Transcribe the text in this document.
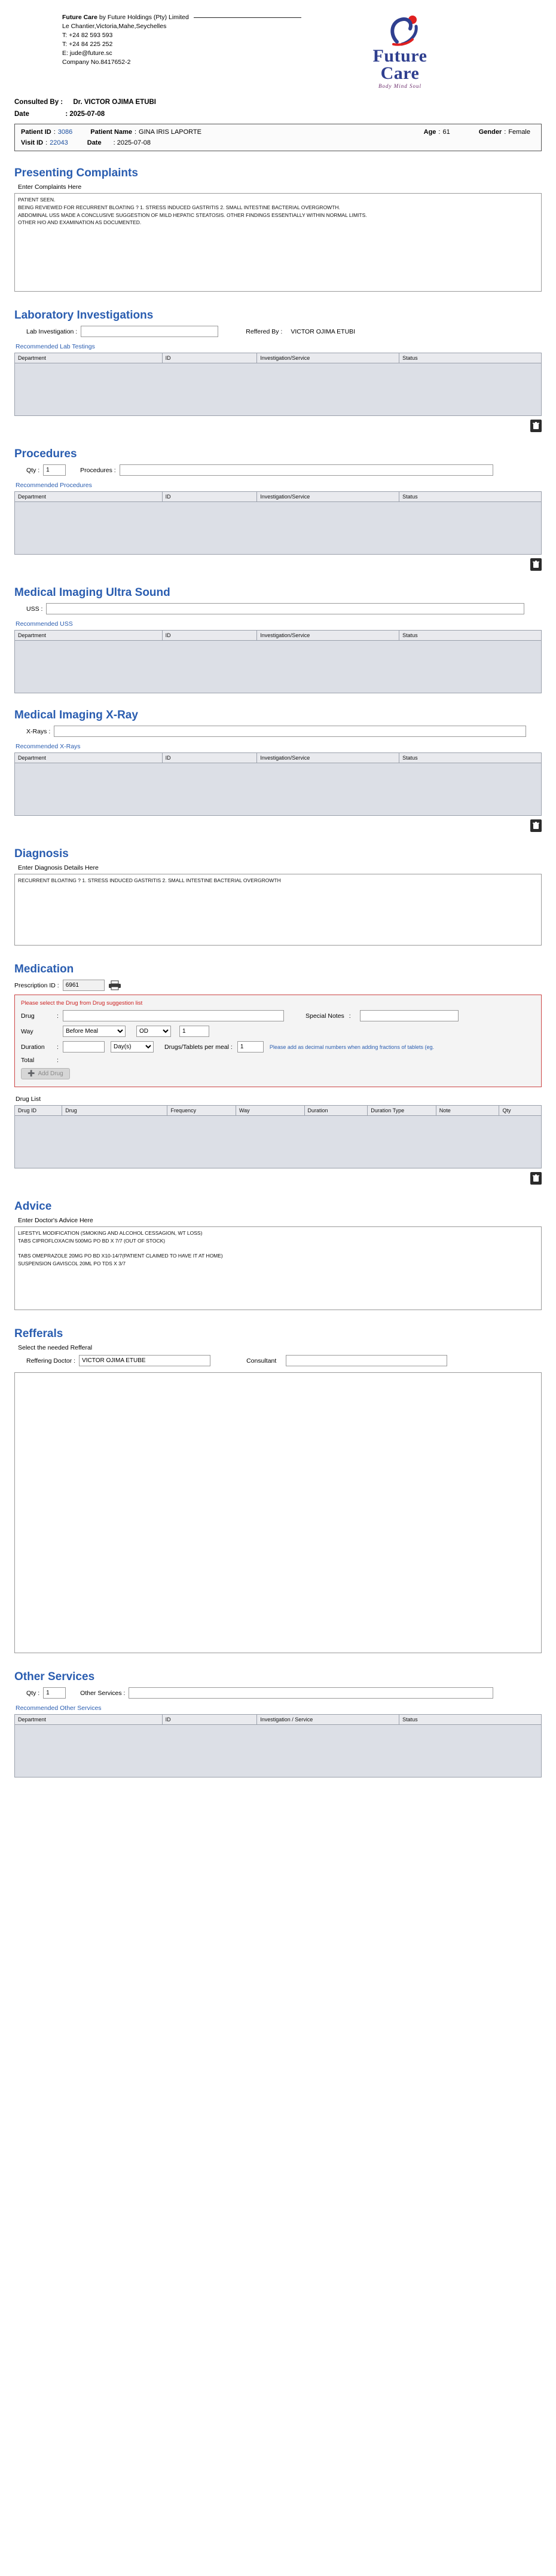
Future Care by Future Holdings (Pty) Limited
Le Chantier,Victoria,Mahe,Seychelles
T: +24 82 593 593
T: +24 84 225 252
E: jude@future.sc
Company No.8417652-2	Future
Care
Body Mind Soul
Consulted By : Dr. VICTOR OJIMA ETUBI
Date	: 2025-07-08
Patient ID : 3086	Patient Name : GINA IRIS LAPORTE	Age : 61	Gender : Female
Visit ID : 22043	Date : 2025-07-08
Presenting Complaints
Enter Complaints Here
PATIENT SEEN. BEING REVIEWED FOR RECURRENT BLOATING ? 1. STRESS INDUCED GASTRITIS 2. SMALL INTESTINE BACTERIAL OVERGROWTH. ABDOMINAL USS MADE A CONCLUSIVE SUGGESTION OF MILD HEPATIC STEATOSIS. OTHER FINDINGS ESSENTIALLY WITHIN NORMAL LIMITS. OTHER H/O AND EXAMINATION AS DOCUMENTED.
Laboratory Investigations
Lab Investigation :	Reffered By : VICTOR OJIMA ETUBI
Recommended Lab Testings
Department	ID	Investigation/Service	Status

Procedures
Qty :
1	Procedures :
Recommended Procedures
Department	ID	Investigation/Service	Status

Medical Imaging Ultra Sound
USS :
Recommended USS
Department	ID	Investigation/Service	Status

Medical Imaging X-Ray
X-Rays :
Recommended X-Rays
Department	ID	Investigation/Service	Status

Diagnosis
Enter Diagnosis Details Here
RECURRENT BLOATING ? 1. STRESS INDUCED GASTRITIS 2. SMALL INTESTINE BACTERIAL OVERGROWTH
Medication
Prescription ID :
6961
Please select the Drug from Drug suggestion list
Drug	:	Special Notes :
Way
Before Meal
OD
1
Duration	:
Day(s)	Drugs/Tablets per meal :
1	Please add as decimal numbers when adding fractions of tablets (eg.
Total	:
➕ Add Drug
Drug List
Drug ID	Drug	Frequency	Way	Duration	Duration Type	Note	Qty

Advice
Enter Doctor's Advice Here
LIFESTYL MODIFICATION (SMOKING AND ALCOHOL CESSAGION, WT LOSS) TABS CIPROFLOXACIN 500MG PO BD X 7/7 (OUT OF STOCK) TABS OMEPRAZOLE 20MG PO BD X10-14/7(PATIENT CLAIMED TO HAVE IT AT HOME) SUSPENSION GAVISCOL 20ML PO TDS X 3/7
Refferals
Select the needed Refferal
Reffering Doctor :
VICTOR OJIMA ETUBE	Consultant
Other Services
Qty :
1	Other Services :
Recommended Other Services
Department	ID	Investigation / Service	Status
